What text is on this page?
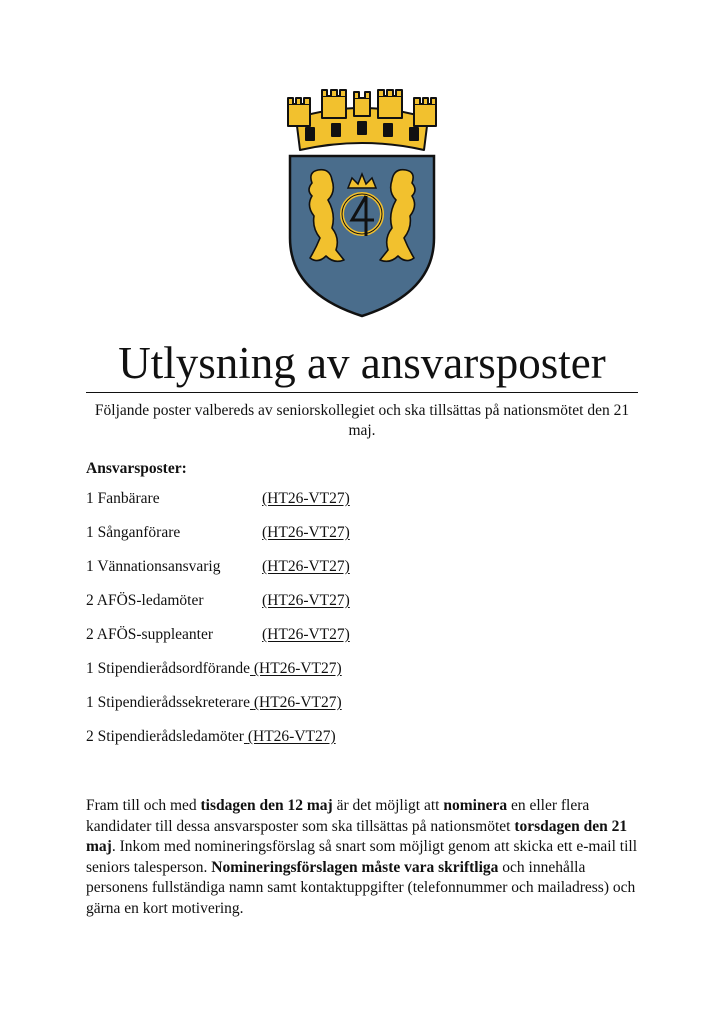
Utlysning av ansvarsposter

Följande poster valbereds av seniorskollegiet och ska tillsättas på nationsmötet den 21 maj.

Ansvarsposter:

1 Fanbärare	(HT26-VT27)
1 Sånganförare	(HT26-VT27)
1 Vännationsansvarig	(HT26-VT27)
2 AFÖS-ledamöter	(HT26-VT27)
2 AFÖS-suppleanter	(HT26-VT27)
1 Stipendierådsordförande (HT26-VT27)
1 Stipendierådssekreterare (HT26-VT27)
2 Stipendierådsledamöter (HT26-VT27)

Fram till och med tisdagen den 12 maj är det möjligt att nominera en eller flera kandidater till dessa ansvarsposter som ska tillsättas på nationsmötet torsdagen den 21 maj. Inkom med nomineringsförslag så snart som möjligt genom att skicka ett e-mail till seniors talesperson. Nomineringsförslagen måste vara skriftliga och innehålla personens fullständiga namn samt kontaktuppgifter (telefonnummer och mailadress) och gärna en kort motivering.
